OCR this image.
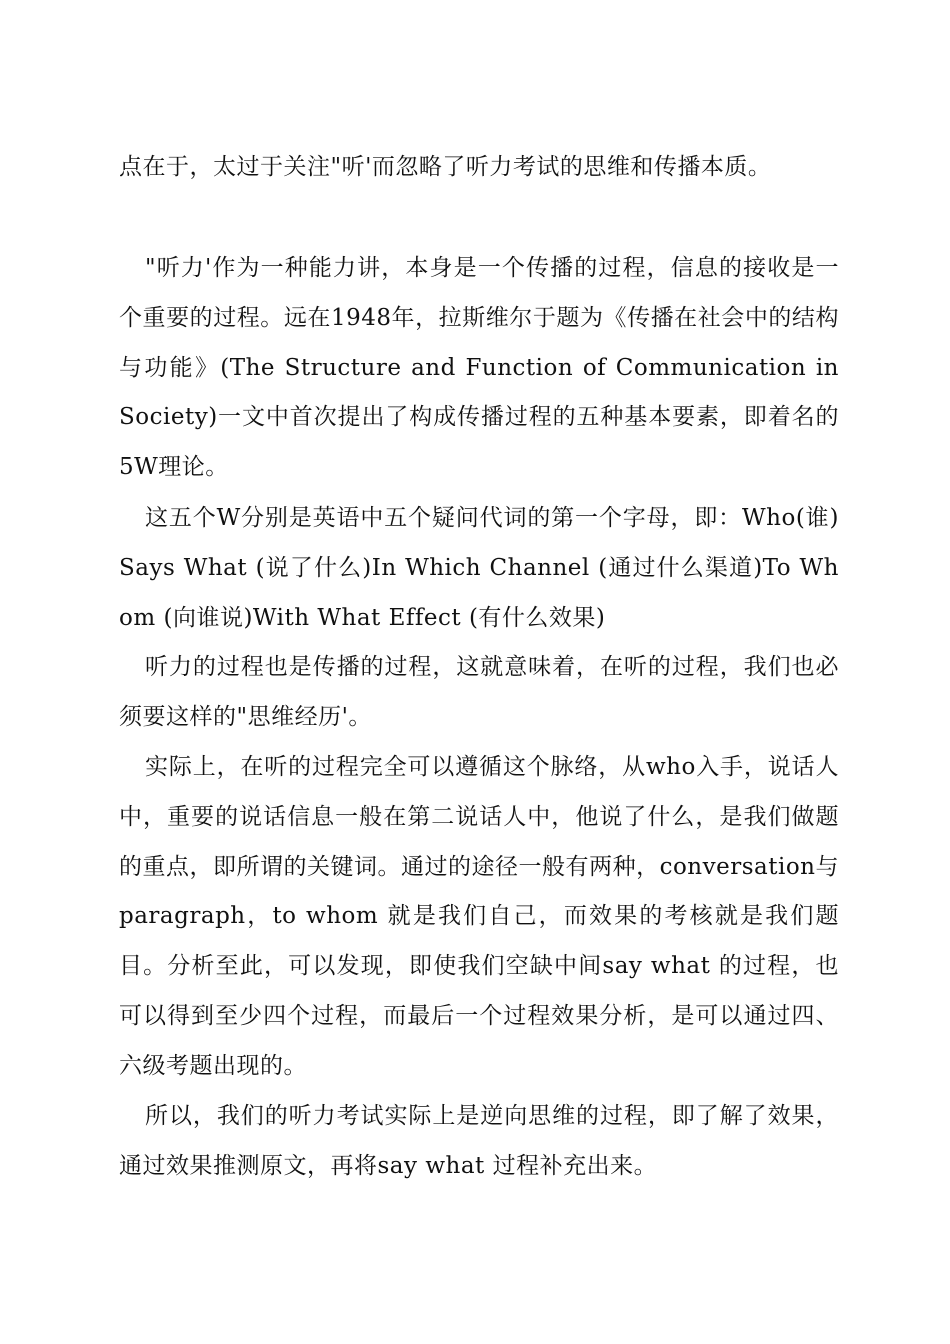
点在于，太过于关注"听'而忽略了听力考试的思维和传播本质。

"听力'作为一种能力讲，本身是一个传播的过程，信息的接收是一个重要的过程。远在1948年，拉斯维尔于题为《传播在社会中的结构与功能》(The Structure and Function of Communication in Society)一文中首次提出了构成传播过程的五种基本要素，即着名的5W理论。

这五个W分别是英语中五个疑问代词的第一个字母，即：Who(谁)Says What (说了什么)In Which Channel (通过什么渠道)To Whom (向谁说)With What Effect (有什么效果)

听力的过程也是传播的过程，这就意味着，在听的过程，我们也必须要这样的"思维经历'。

实际上，在听的过程完全可以遵循这个脉络，从who入手，说话人中，重要的说话信息一般在第二说话人中，他说了什么，是我们做题的重点，即所谓的关键词。通过的途径一般有两种，conversation与 paragraph，to whom 就是我们自己，而效果的考核就是我们题目。分析至此，可以发现，即使我们空缺中间say what 的过程，也可以得到至少四个过程，而最后一个过程效果分析，是可以通过四、六级考题出现的。

所以，我们的听力考试实际上是逆向思维的过程，即了解了效果，通过效果推测原文，再将say what 过程补充出来。
